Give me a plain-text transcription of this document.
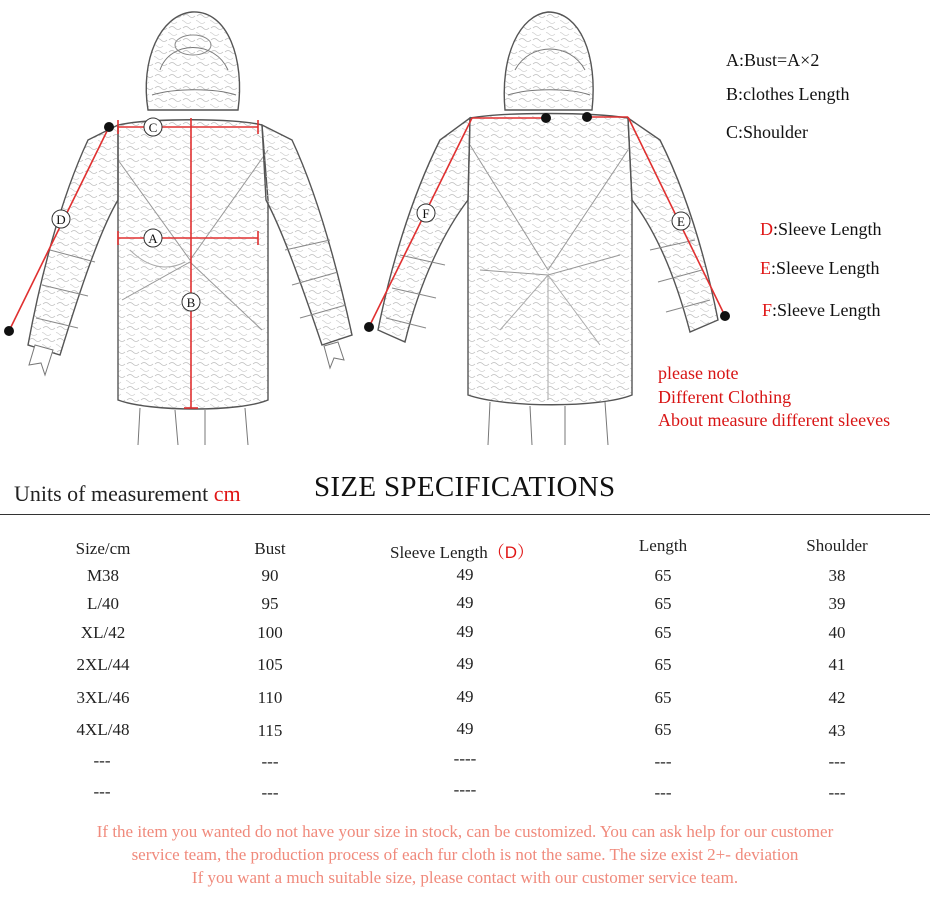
C
A
B
D	F
E
A:Bust=A×2
B:clothes Length
C:Shoulder
D:Sleeve Length
E:Sleeve Length
F:Sleeve Length
please note
Different Clothing
About measure different sleeves
Units of measurement cm	SIZE SPECIFICATIONS
Size/cm	Bust	Sleeve Length（D）	Length	Shoulder
M38	90	49	65	38
L/40	95	49	65	39
XL/42	100	49	65	40
2XL/44	105	49	65	41
3XL/46	110	49	65	42
4XL/48	115	49	65	43
---	---	----	---	---
---	---	----	---	---
If the item you wanted do not have your size in stock, can be customized. You can ask help for our customer
service team, the production process of each fur cloth is not the same. The size exist 2+- deviation
If you want a much suitable size, please contact with our customer service team.
